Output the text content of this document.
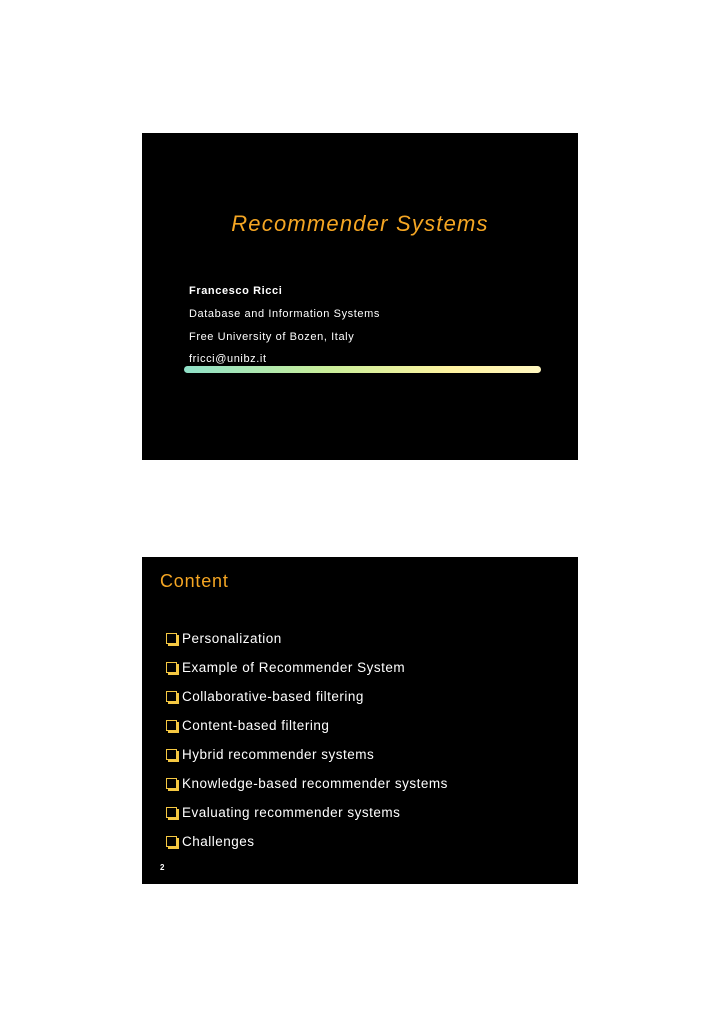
Recommender Systems
Francesco Ricci
Database and Information Systems
Free University of Bozen, Italy
fricci@unibz.it
Content
Personalization
Example of Recommender System
Collaborative-based filtering
Content-based filtering
Hybrid recommender systems
Knowledge-based recommender systems
Evaluating recommender systems
Challenges
2
